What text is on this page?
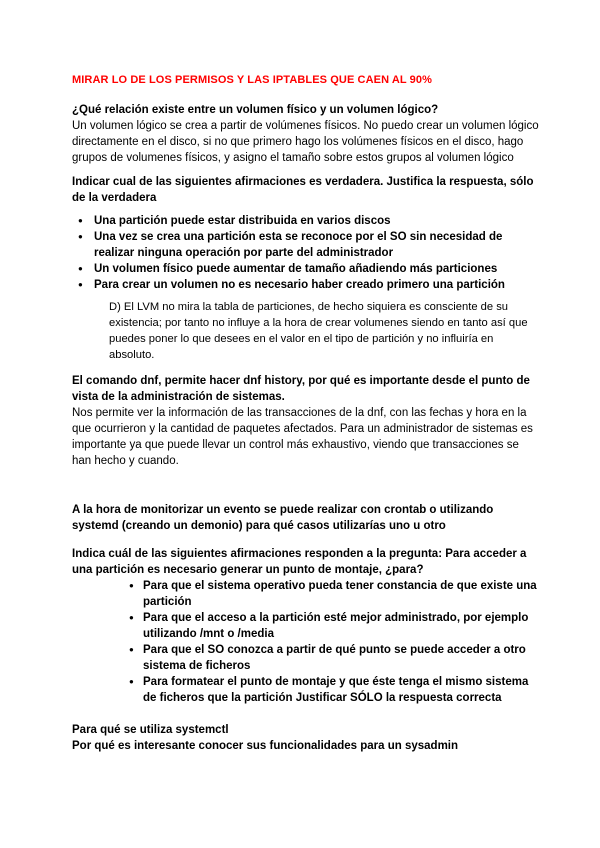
MIRAR LO DE LOS PERMISOS Y LAS IPTABLES QUE CAEN AL 90%
¿Qué relación existe entre un volumen físico y un volumen lógico?
Un volumen lógico se crea a partir de volúmenes físicos. No puedo crear un volumen lógico directamente en el disco, si no que primero hago los volúmenes físicos en el disco, hago grupos de volumenes físicos, y asigno el tamaño sobre estos grupos al volumen lógico
Indicar cual de las siguientes afirmaciones es verdadera. Justifica la respuesta, sólo de la verdadera
● Una partición puede estar distribuida en varios discos
● Una vez se crea una partición esta se reconoce por el SO sin necesidad de realizar ninguna operación por parte del administrador
● Un volumen físico puede aumentar de tamaño añadiendo más particiones
● Para crear un volumen no es necesario haber creado primero una partición
D) El LVM no mira la tabla de particiones, de hecho siquiera es consciente de su existencia; por tanto no influye a la hora de crear volumenes siendo en tanto así que puedes poner lo que desees en el valor en el tipo de partición y no influiría en absoluto.
El comando dnf, permite hacer dnf history, por qué es importante desde el punto de vista de la administración de sistemas.
Nos permite ver la información de las transacciones de la dnf, con las fechas y hora en la que ocurrieron y la cantidad de paquetes afectados. Para un administrador de sistemas es importante ya que puede llevar un control más exhaustivo, viendo que transacciones se han hecho y cuando.
A la hora de monitorizar un evento se puede realizar con crontab o utilizando systemd (creando un demonio) para qué casos utilizarías uno u otro
Indica cuál de las siguientes afirmaciones responden a la pregunta: Para acceder a una partición es necesario generar un punto de montaje, ¿para?
● Para que el sistema operativo pueda tener constancia de que existe una partición
● Para que el acceso a la partición esté mejor administrado, por ejemplo utilizando /mnt o /media
● Para que el SO conozca a partir de qué punto se puede acceder a otro sistema de ficheros
● Para formatear el punto de montaje y que éste tenga el mismo sistema de ficheros que la partición Justificar SÓLO la respuesta correcta
Para qué se utiliza systemctl
Por qué es interesante conocer sus funcionalidades para un sysadmin
